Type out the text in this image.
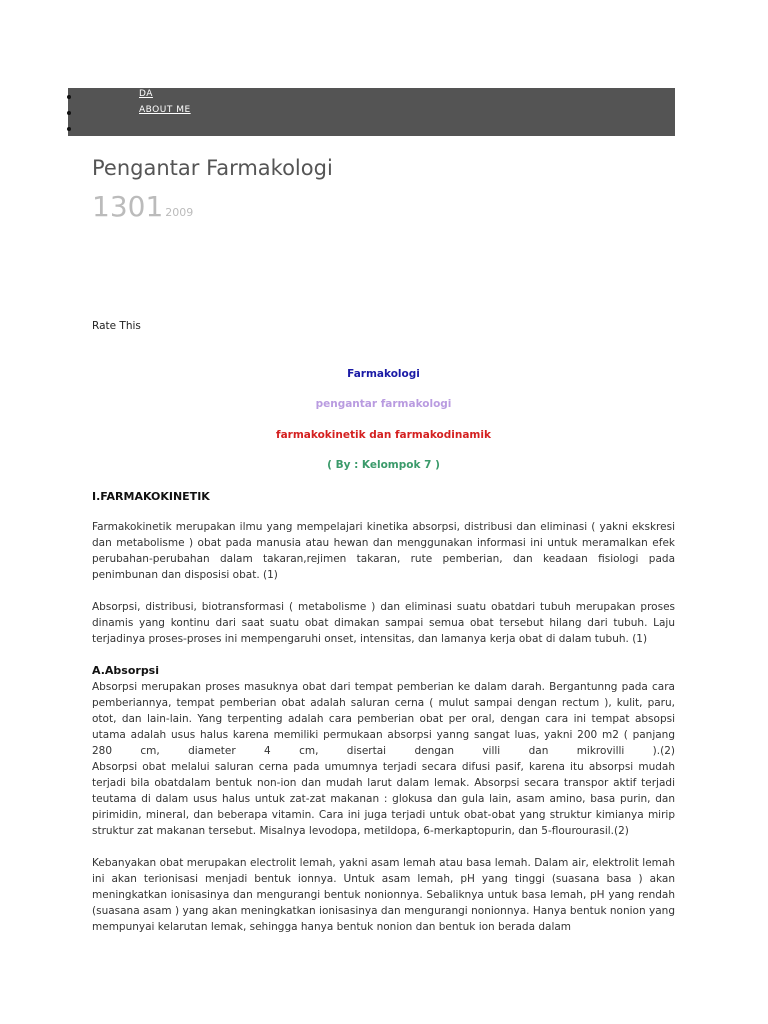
DA
ABOUT ME
Pengantar Farmakologi
1301 2009
Rate This
Farmakologi
pengantar farmakologi
farmakokinetik dan farmakodinamik
( By : Kelompok 7 )
I.FARMAKOKINETIK

Farmakokinetik merupakan ilmu yang mempelajari kinetika absorpsi, distribusi dan eliminasi ( yakni ekskresi dan metabolisme ) obat pada manusia atau hewan dan menggunakan informasi ini untuk meramalkan efek perubahan-perubahan dalam takaran,rejimen takaran, rute pemberian, dan keadaan fisiologi pada penimbunan dan disposisi obat. (1)

Absorpsi, distribusi, biotransformasi ( metabolisme ) dan eliminasi suatu obatdari tubuh merupakan proses dinamis yang kontinu dari saat suatu obat dimakan sampai semua obat tersebut hilang dari tubuh. Laju terjadinya proses-proses ini mempengaruhi onset, intensitas, dan lamanya kerja obat di dalam tubuh. (1)

A.Absorpsi

Absorpsi merupakan proses masuknya obat dari tempat pemberian ke dalam darah. Bergantunng pada cara pemberiannya, tempat pemberian obat adalah saluran cerna ( mulut sampai dengan rectum ), kulit, paru, otot, dan lain-lain. Yang terpenting adalah cara pemberian obat per oral, dengan cara ini tempat absopsi utama adalah usus halus karena memiliki permukaan absorpsi yanng sangat luas, yakni 200 m2 ( panjang 280 cm, diameter 4 cm, disertai dengan villi dan mikrovilli ).(2)

Absorpsi obat melalui saluran cerna pada umumnya terjadi secara difusi pasif, karena itu absorpsi mudah terjadi bila obatdalam bentuk non-ion dan mudah larut dalam lemak. Absorpsi secara transpor aktif terjadi teutama di dalam usus halus untuk zat-zat makanan : glokusa dan gula lain, asam amino, basa purin, dan pirimidin, mineral, dan beberapa vitamin. Cara ini juga terjadi untuk obat-obat yang struktur kimianya mirip struktur zat makanan tersebut. Misalnya levodopa, metildopa, 6-merkaptopurin, dan 5-flourourasil.(2)

Kebanyakan obat merupakan electrolit lemah, yakni asam lemah atau basa lemah. Dalam air, elektrolit lemah ini akan terionisasi menjadi bentuk ionnya. Untuk asam lemah, pH yang tinggi (suasana basa ) akan meningkatkan ionisasinya dan mengurangi bentuk nonionnya. Sebaliknya untuk basa lemah, pH yang rendah (suasana asam ) yang akan meningkatkan ionisasinya dan mengurangi nonionnya. Hanya bentuk nonion yang mempunyai kelarutan lemak, sehingga hanya bentuk nonion dan bentuk ion berada dalam
